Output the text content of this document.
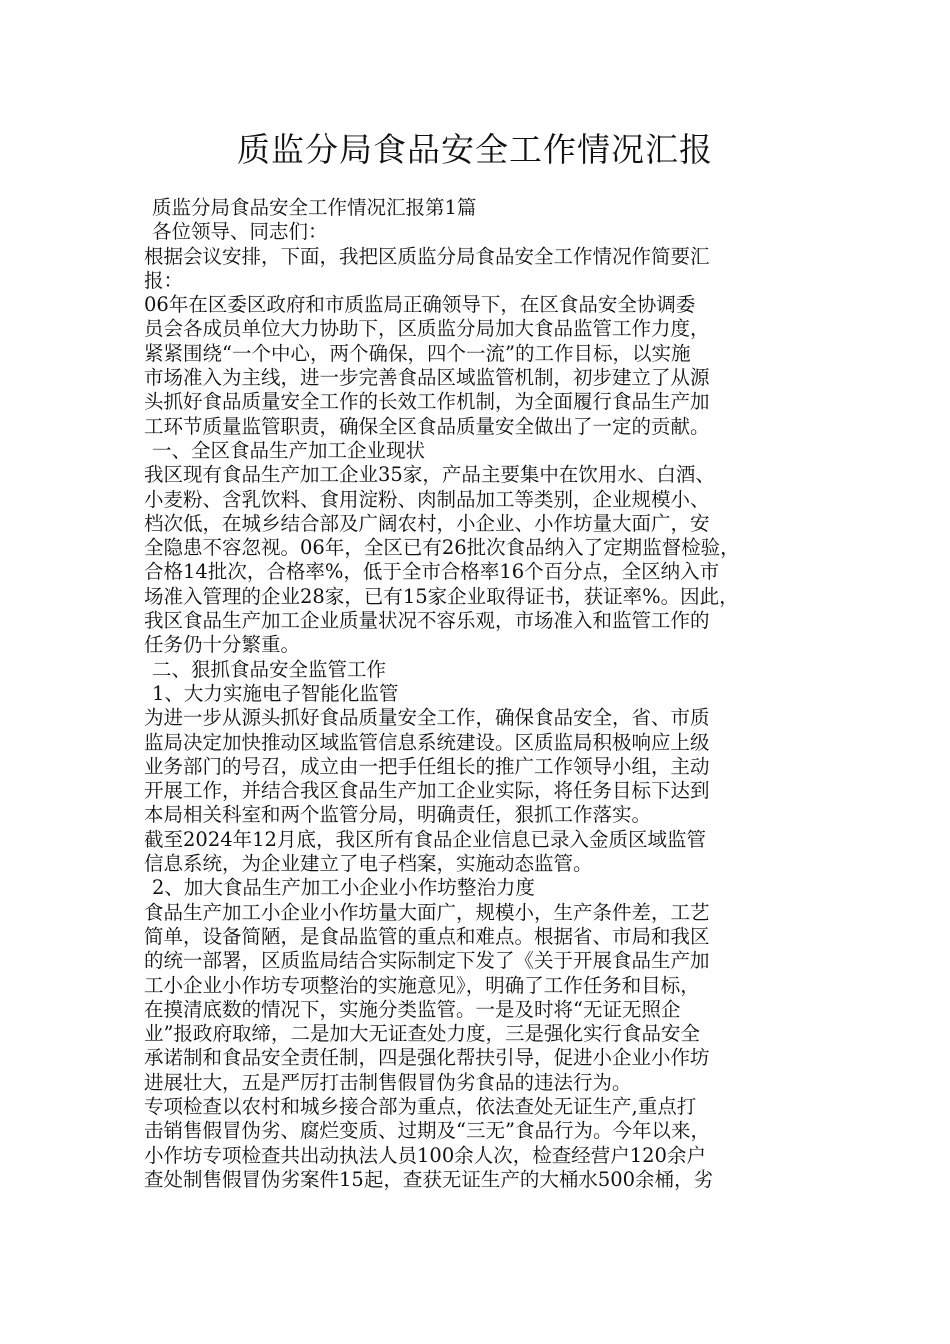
质监分局食品安全工作情况汇报
质监分局食品安全工作情况汇报第1篇
各位领导、同志们：
根据会议安排，下面，我把区质监分局食品安全工作情况作简要汇
报：
06年在区委区政府和市质监局正确领导下，在区食品安全协调委
员会各成员单位大力协助下，区质监分局加大食品监管工作力度，
紧紧围绕“一个中心，两个确保，四个一流”的工作目标，以实施
市场准入为主线，进一步完善食品区域监管机制，初步建立了从源
头抓好食品质量安全工作的长效工作机制，为全面履行食品生产加
工环节质量监管职责，确保全区食品质量安全做出了一定的贡献。
一、全区食品生产加工企业现状
我区现有食品生产加工企业35家，产品主要集中在饮用水、白酒、
小麦粉、含乳饮料、食用淀粉、肉制品加工等类别，企业规模小、
档次低，在城乡结合部及广阔农村，小企业、小作坊量大面广，安
全隐患不容忽视。06年，全区已有26批次食品纳入了定期监督检验，
合格14批次，合格率%，低于全市合格率16个百分点，全区纳入市
场准入管理的企业28家，已有15家企业取得证书，获证率%。因此，
我区食品生产加工企业质量状况不容乐观，市场准入和监管工作的
任务仍十分繁重。
二、狠抓食品安全监管工作
1、大力实施电子智能化监管
为进一步从源头抓好食品质量安全工作，确保食品安全，省、市质
监局决定加快推动区域监管信息系统建设。区质监局积极响应上级
业务部门的号召，成立由一把手任组长的推广工作领导小组，主动
开展工作，并结合我区食品生产加工企业实际，将任务目标下达到
本局相关科室和两个监管分局，明确责任，狠抓工作落实。
截至2024年12月底，我区所有食品企业信息已录入金质区域监管
信息系统，为企业建立了电子档案，实施动态监管。
2、加大食品生产加工小企业小作坊整治力度
食品生产加工小企业小作坊量大面广，规模小，生产条件差，工艺
简单，设备简陋，是食品监管的重点和难点。根据省、市局和我区
的统一部署，区质监局结合实际制定下发了《关于开展食品生产加
工小企业小作坊专项整治的实施意见》，明确了工作任务和目标，
在摸清底数的情况下，实施分类监管。一是及时将“无证无照企
业”报政府取缔，二是加大无证查处力度，三是强化实行食品安全
承诺制和食品安全责任制，四是强化帮扶引导，促进小企业小作坊
进展壮大，五是严厉打击制售假冒伪劣食品的违法行为。
专项检查以农村和城乡接合部为重点，依法查处无证生产,重点打
击销售假冒伪劣、腐烂变质、过期及“三无”食品行为。今年以来，
小作坊专项检查共出动执法人员100余人次，检查经营户120余户
查处制售假冒伪劣案件15起，查获无证生产的大桶水500余桶，劣
